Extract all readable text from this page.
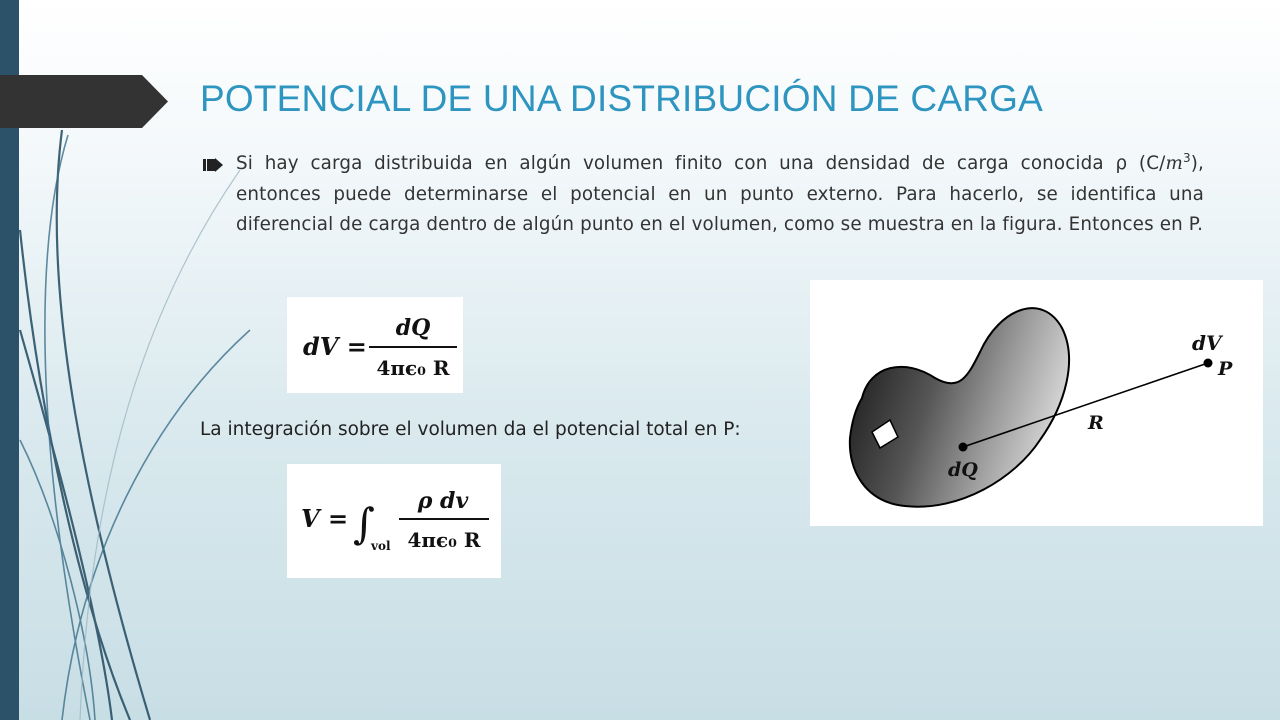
POTENCIAL DE UNA DISTRIBUCIÓN DE CARGA

Si hay carga distribuida en algún volumen finito con una densidad de carga conocida ρ $(C/m^3)$, entonces puede determinarse el potencial en un punto externo. Para hacerlo, se identifica una diferencial de carga dentro de algún punto en el volumen, como se muestra en la figura. Entonces en P.

dV =
dQ
4πϵ₀ R

La integración sobre el volumen da el potencial total en P:

V = ∫
vol
ρ dv
4πϵ₀ R
dV
P
R
dQ
